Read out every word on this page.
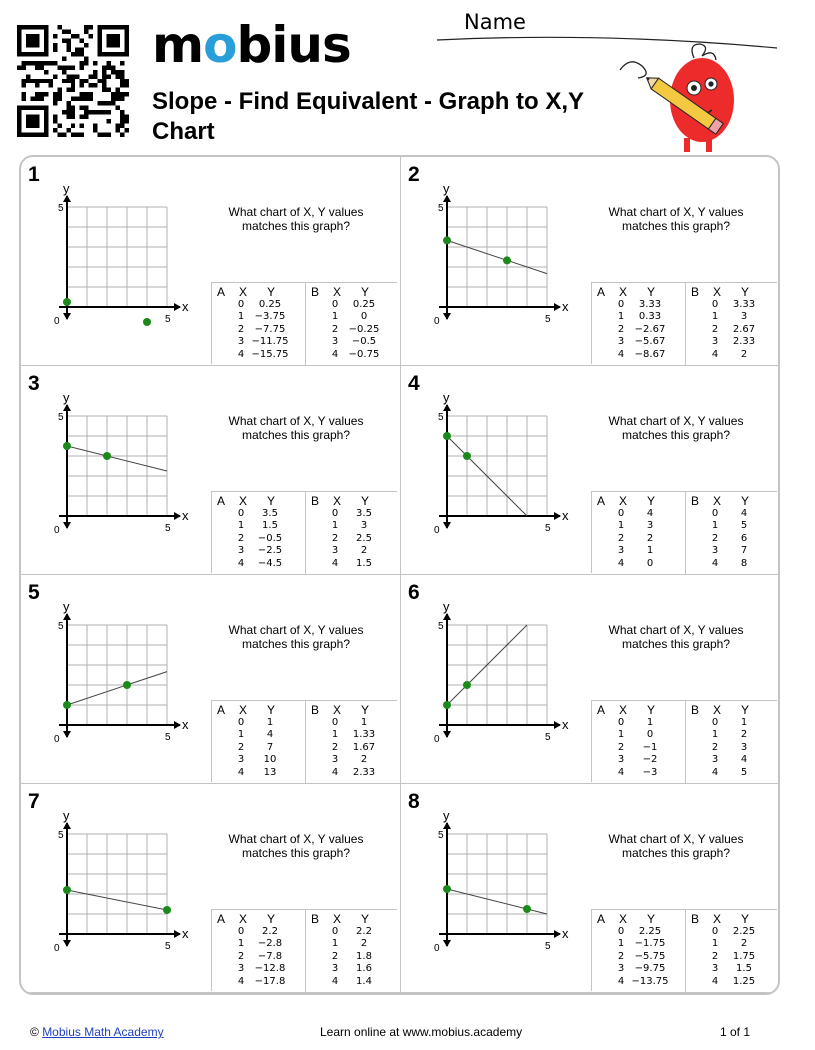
mobius
Slope - Find Equivalent - Graph to X,Y Chart
Name
1
y
x
5
5
0
What chart of X, Y values
matches this graph?
A X	Y
0	0.25
1	−3.75
2	−7.75
3 −11.75
4 −15.75
B X	Y
0	0.25
1	0
2	−0.25
3	−0.5
4	−0.75
2
y
x
5
5
0
What chart of X, Y values
matches this graph?
A X	Y
0	3.33
1	0.33
2	−2.67
3	−5.67
4	−8.67
B X	Y
0	3.33
1	3
2	2.67
3	2.33
4	2
3
y
x
5
5
0
What chart of X, Y values
matches this graph?
A X	Y
0	3.5
1	1.5
2	−0.5
3	−2.5
4	−4.5
B X	Y
0	3.5
1	3
2	2.5
3	2
4	1.5
4
y
x
5
5
0
What chart of X, Y values
matches this graph?
A X	Y
0	4
1	3
2	2
3	1
4	0
B X	Y
0	4
1	5
2	6
3	7
4	8
5
y
x
5
5
0
What chart of X, Y values
matches this graph?
A X	Y
0	1
1	4
2	7
3	10
4	13
B X	Y
0	1
1	1.33
2	1.67
3	2
4	2.33
6
y
x
5
5
0
What chart of X, Y values
matches this graph?
A X	Y
0	1
1	0
2	−1
3	−2
4	−3
B X	Y
0	1
1	2
2	3
3	4
4	5
7
y
x
5
5
0
What chart of X, Y values
matches this graph?
A X	Y
0	2.2
1	−2.8
2	−7.8
3	−12.8
4	−17.8
B X	Y
0	2.2
1	2
2	1.8
3	1.6
4	1.4
8
y
x
5
5
0
What chart of X, Y values
matches this graph?
A X	Y
0	2.25
1	−1.75
2	−5.75
3	−9.75
4 −13.75
B X	Y
0	2.25
1	2
2	1.75
3	1.5
4	1.25
© Mobius Math Academy	Learn online at www.mobius.academy	1 of 1
